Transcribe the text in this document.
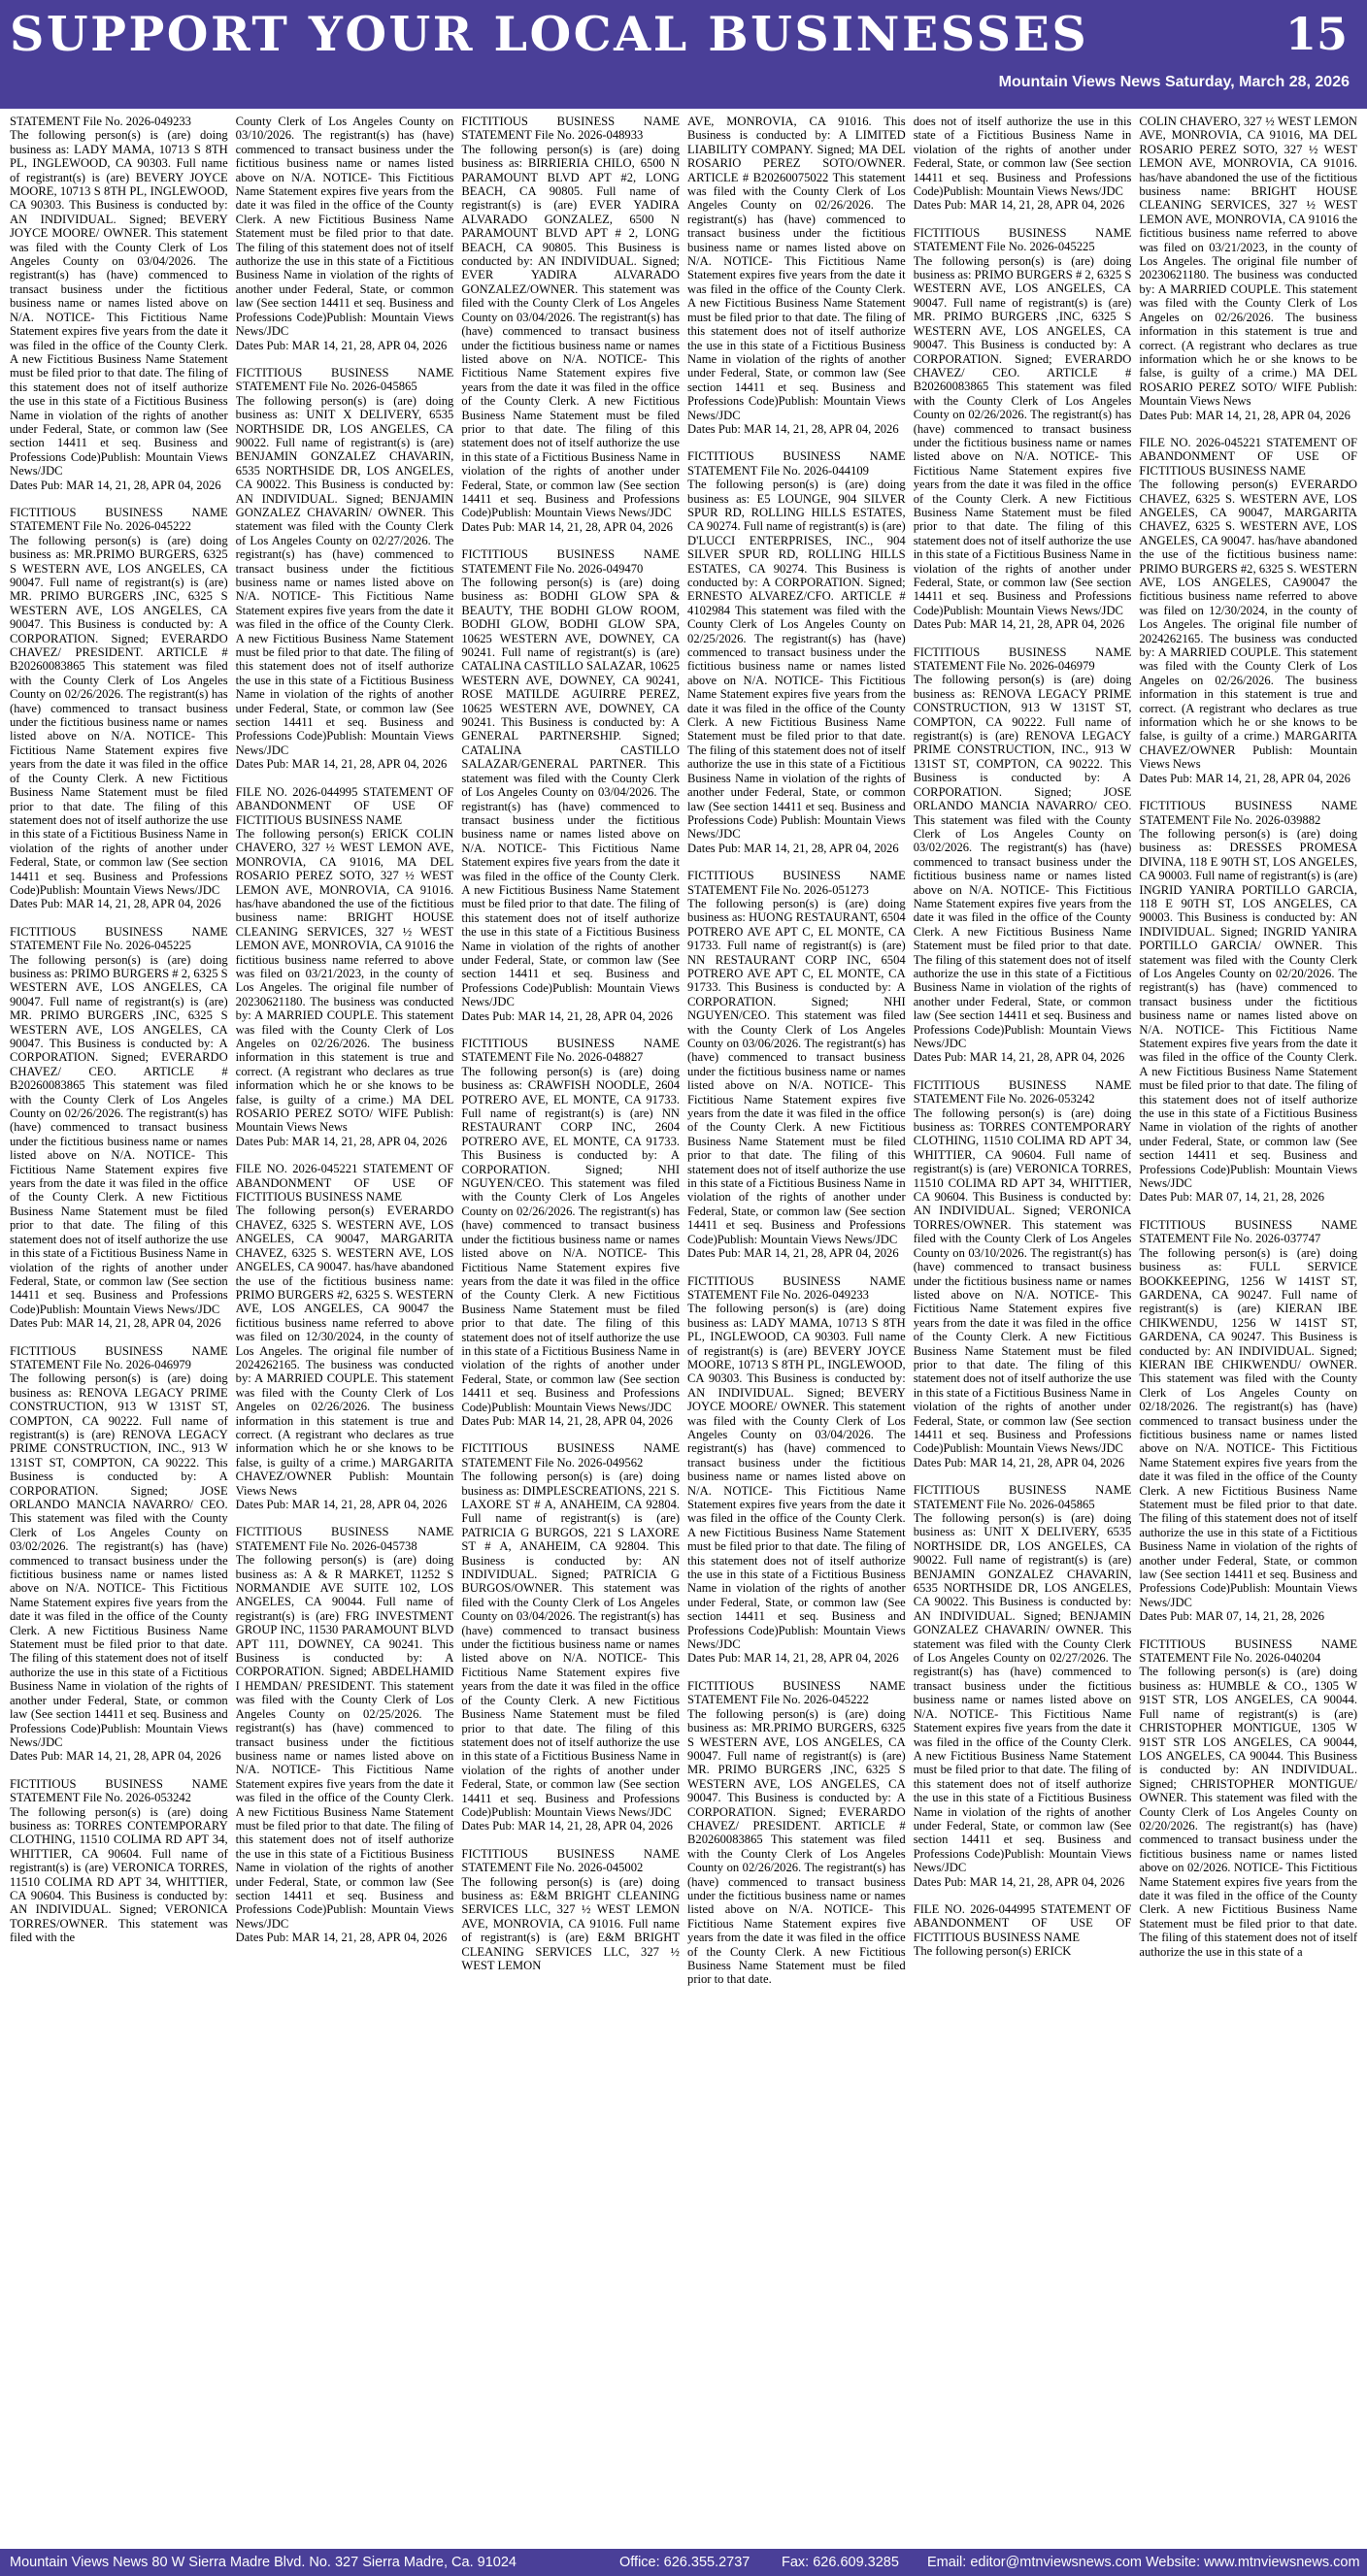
SUPPORT YOUR LOCAL BUSINESSES	15
Mountain Views News Saturday, March 28, 2026
STATEMENT File No. 2026-049233
The following person(s) is (are) doing business as: LADY MAMA, 10713 S 8TH PL, INGLEWOOD, CA 90303. Full name of registrant(s) is (are) BEVERY JOYCE MOORE, 10713 S 8TH PL, INGLEWOOD, CA 90303. This Business is conducted by: AN INDIVIDUAL. Signed; BEVERY JOYCE MOORE/ OWNER. This statement was filed with the County Clerk of Los Angeles County on 03/04/2026. The registrant(s) has (have) commenced to transact business under the fictitious business name or names listed above on N/A. NOTICE- This Fictitious Name Statement expires five years from the date it was filed in the office of the County Clerk. A new Fictitious Business Name Statement must be filed prior to that date. The filing of this statement does not of itself authorize the use in this state of a Fictitious Business Name in violation of the rights of another under Federal, State, or common law (See section 14411 et seq. Business and Professions Code)Publish: Mountain Views News/JDC
Dates Pub: MAR 14, 21, 28, APR 04, 2026
FICTITIOUS BUSINESS NAME STATEMENT File No. 2026-045222
The following person(s) is (are) doing business as: MR.PRIMO BURGERS, 6325 S WESTERN AVE, LOS ANGELES, CA 90047. Full name of registrant(s) is (are) MR. PRIMO BURGERS ,INC, 6325 S WESTERN AVE, LOS ANGELES, CA 90047. This Business is conducted by: A CORPORATION. Signed; EVERARDO CHAVEZ/ PRESIDENT. ARTICLE # B20260083865 This statement was filed with the County Clerk of Los Angeles County on 02/26/2026. The registrant(s) has (have) commenced to transact business under the fictitious business name or names listed above on N/A. NOTICE- This Fictitious Name Statement expires five years from the date it was filed in the office of the County Clerk. A new Fictitious Business Name Statement must be filed prior to that date. The filing of this statement does not of itself authorize the use in this state of a Fictitious Business Name in violation of the rights of another under Federal, State, or common law (See section 14411 et seq. Business and Professions Code)Publish: Mountain Views News/JDC
Dates Pub: MAR 14, 21, 28, APR 04, 2026
FICTITIOUS BUSINESS NAME STATEMENT File No. 2026-045225
The following person(s) is (are) doing business as: PRIMO BURGERS # 2, 6325 S WESTERN AVE, LOS ANGELES, CA 90047. Full name of registrant(s) is (are) MR. PRIMO BURGERS ,INC, 6325 S WESTERN AVE, LOS ANGELES, CA 90047. This Business is conducted by: A CORPORATION. Signed; EVERARDO CHAVEZ/ CEO. ARTICLE # B20260083865 This statement was filed with the County Clerk of Los Angeles County on 02/26/2026. The registrant(s) has (have) commenced to transact business under the fictitious business name or names listed above on N/A. NOTICE- This Fictitious Name Statement expires five years from the date it was filed in the office of the County Clerk. A new Fictitious Business Name Statement must be filed prior to that date. The filing of this statement does not of itself authorize the use in this state of a Fictitious Business Name in violation of the rights of another under Federal, State, or common law (See section 14411 et seq. Business and Professions Code)Publish: Mountain Views News/JDC
Dates Pub: MAR 14, 21, 28, APR 04, 2026
FICTITIOUS BUSINESS NAME STATEMENT File No. 2026-046979
The following person(s) is (are) doing business as: RENOVA LEGACY PRIME CONSTRUCTION, 913 W 131ST ST, COMPTON, CA 90222. Full name of registrant(s) is (are) RENOVA LEGACY PRIME CONSTRUCTION, INC., 913 W 131ST ST, COMPTON, CA 90222. This Business is conducted by: A CORPORATION. Signed; JOSE ORLANDO MANCIA NAVARRO/ CEO. This statement was filed with the County Clerk of Los Angeles County on 03/02/2026. The registrant(s) has (have) commenced to transact business under the fictitious business name or names listed above on N/A. NOTICE- This Fictitious Name Statement expires five years from the date it was filed in the office of the County Clerk. A new Fictitious Business Name Statement must be filed prior to that date. The filing of this statement does not of itself authorize the use in this state of a Fictitious Business Name in violation of the rights of another under Federal, State, or common law (See section 14411 et seq. Business and Professions Code)Publish: Mountain Views News/JDC
Dates Pub: MAR 14, 21, 28, APR 04, 2026
FICTITIOUS BUSINESS NAME STATEMENT File No. 2026-053242
The following person(s) is (are) doing business as: TORRES CONTEMPORARY CLOTHING, 11510 COLIMA RD APT 34, WHITTIER, CA 90604. Full name of registrant(s) is (are) VERONICA TORRES, 11510 COLIMA RD APT 34, WHITTIER, CA 90604. This Business is conducted by: AN INDIVIDUAL. Signed; VERONICA TORRES/OWNER. This statement was filed with the
County Clerk of Los Angeles County on 03/10/2026. The registrant(s) has (have) commenced to transact business under the fictitious business name or names listed above on N/A. NOTICE- This Fictitious Name Statement expires five years from the date it was filed in the office of the County Clerk. A new Fictitious Business Name Statement must be filed prior to that date. The filing of this statement does not of itself authorize the use in this state of a Fictitious Business Name in violation of the rights of another under Federal, State, or common law (See section 14411 et seq. Business and Professions Code)Publish: Mountain Views News/JDC
Dates Pub: MAR 14, 21, 28, APR 04, 2026
FICTITIOUS BUSINESS NAME STATEMENT File No. 2026-045865
The following person(s) is (are) doing business as: UNIT X DELIVERY, 6535 NORTHSIDE DR, LOS ANGELES, CA 90022. Full name of registrant(s) is (are) BENJAMIN GONZALEZ CHAVARIN, 6535 NORTHSIDE DR, LOS ANGELES, CA 90022. This Business is conducted by: AN INDIVIDUAL. Signed; BENJAMIN GONZALEZ CHAVARIN/ OWNER. This statement was filed with the County Clerk of Los Angeles County on 02/27/2026. The registrant(s) has (have) commenced to transact business under the fictitious business name or names listed above on N/A. NOTICE- This Fictitious Name Statement expires five years from the date it was filed in the office of the County Clerk. A new Fictitious Business Name Statement must be filed prior to that date. The filing of this statement does not of itself authorize the use in this state of a Fictitious Business Name in violation of the rights of another under Federal, State, or common law (See section 14411 et seq. Business and Professions Code)Publish: Mountain Views News/JDC
Dates Pub: MAR 14, 21, 28, APR 04, 2026
FILE NO. 2026-044995 STATEMENT OF ABANDONMENT OF USE OF FICTITIOUS BUSINESS NAME
The following person(s) ERICK COLIN CHAVERO, 327 ½ WEST LEMON AVE, MONROVIA, CA 91016, MA DEL ROSARIO PEREZ SOTO, 327 ½ WEST LEMON AVE, MONROVIA, CA 91016. has/have abandoned the use of the fictitious business name: BRIGHT HOUSE CLEANING SERVICES, 327 ½ WEST LEMON AVE, MONROVIA, CA 91016 the fictitious business name referred to above was filed on 03/21/2023, in the county of Los Angeles. The original file number of 20230621180. The business was conducted by: A MARRIED COUPLE. This statement was filed with the County Clerk of Los Angeles on 02/26/2026. The business information in this statement is true and correct. (A registrant who declares as true information which he or she knows to be false, is guilty of a crime.) MA DEL ROSARIO PEREZ SOTO/ WIFE Publish: Mountain Views News
Dates Pub: MAR 14, 21, 28, APR 04, 2026
FILE NO. 2026-045221 STATEMENT OF ABANDONMENT OF USE OF FICTITIOUS BUSINESS NAME
The following person(s) EVERARDO CHAVEZ, 6325 S. WESTERN AVE, LOS ANGELES, CA 90047, MARGARITA CHAVEZ, 6325 S. WESTERN AVE, LOS ANGELES, CA 90047. has/have abandoned the use of the fictitious business name: PRIMO BURGERS #2, 6325 S. WESTERN AVE, LOS ANGELES, CA 90047 the fictitious business name referred to above was filed on 12/30/2024, in the county of Los Angeles. The original file number of 2024262165. The business was conducted by: A MARRIED COUPLE. This statement was filed with the County Clerk of Los Angeles on 02/26/2026. The business information in this statement is true and correct. (A registrant who declares as true information which he or she knows to be false, is guilty of a crime.) MARGARITA CHAVEZ/OWNER Publish: Mountain Views News
Dates Pub: MAR 14, 21, 28, APR 04, 2026
FICTITIOUS BUSINESS NAME STATEMENT File No. 2026-045738
The following person(s) is (are) doing business as: A & R MARKET, 11252 S NORMANDIE AVE SUITE 102, LOS ANGELES, CA 90044. Full name of registrant(s) is (are) FRG INVESTMENT GROUP INC, 11530 PARAMOUNT BLVD APT 111, DOWNEY, CA 90241. This Business is conducted by: A CORPORATION. Signed; ABDELHAMID I HEMDAN/ PRESIDENT. This statement was filed with the County Clerk of Los Angeles County on 02/25/2026. The registrant(s) has (have) commenced to transact business under the fictitious business name or names listed above on N/A. NOTICE- This Fictitious Name Statement expires five years from the date it was filed in the office of the County Clerk. A new Fictitious Business Name Statement must be filed prior to that date. The filing of this statement does not of itself authorize the use in this state of a Fictitious Business Name in violation of the rights of another under Federal, State, or common law (See section 14411 et seq. Business and Professions Code)Publish: Mountain Views News/JDC
Dates Pub: MAR 14, 21, 28, APR 04, 2026
FICTITIOUS BUSINESS NAME STATEMENT File No. 2026-048933
The following person(s) is (are) doing business as: BIRRIERIA CHILO, 6500 N PARAMOUNT BLVD APT #2, LONG BEACH, CA 90805. Full name of registrant(s) is (are) EVER YADIRA ALVARADO GONZALEZ, 6500 N PARAMOUNT BLVD APT # 2, LONG BEACH, CA 90805. This Business is conducted by: AN INDIVIDUAL. Signed; EVER YADIRA ALVARADO GONZALEZ/OWNER. This statement was filed with the County Clerk of Los Angeles County on 03/04/2026. The registrant(s) has (have) commenced to transact business under the fictitious business name or names listed above on N/A. NOTICE- This Fictitious Name Statement expires five years from the date it was filed in the office of the County Clerk. A new Fictitious Business Name Statement must be filed prior to that date. The filing of this statement does not of itself authorize the use in this state of a Fictitious Business Name in violation of the rights of another under Federal, State, or common law (See section 14411 et seq. Business and Professions Code)Publish: Mountain Views News/JDC
Dates Pub: MAR 14, 21, 28, APR 04, 2026
FICTITIOUS BUSINESS NAME STATEMENT File No. 2026-049470
The following person(s) is (are) doing business as: BODHI GLOW SPA & BEAUTY, THE BODHI GLOW ROOM, BODHI GLOW, BODHI GLOW SPA, 10625 WESTERN AVE, DOWNEY, CA 90241. Full name of registrant(s) is (are) CATALINA CASTILLO SALAZAR, 10625 WESTERN AVE, DOWNEY, CA 90241, ROSE MATILDE AGUIRRE PEREZ, 10625 WESTERN AVE, DOWNEY, CA 90241. This Business is conducted by: A GENERAL PARTNERSHIP. Signed; CATALINA CASTILLO SALAZAR/GENERAL PARTNER. This statement was filed with the County Clerk of Los Angeles County on 03/04/2026. The registrant(s) has (have) commenced to transact business under the fictitious business name or names listed above on N/A. NOTICE- This Fictitious Name Statement expires five years from the date it was filed in the office of the County Clerk. A new Fictitious Business Name Statement must be filed prior to that date. The filing of this statement does not of itself authorize the use in this state of a Fictitious Business Name in violation of the rights of another under Federal, State, or common law (See section 14411 et seq. Business and Professions Code)Publish: Mountain Views News/JDC
Dates Pub: MAR 14, 21, 28, APR 04, 2026
FICTITIOUS BUSINESS NAME STATEMENT File No. 2026-048827
The following person(s) is (are) doing business as: CRAWFISH NOODLE, 2604 POTRERO AVE, EL MONTE, CA 91733. Full name of registrant(s) is (are) NN RESTAURANT CORP INC, 2604 POTRERO AVE, EL MONTE, CA 91733. This Business is conducted by: A CORPORATION. Signed; NHI NGUYEN/CEO. This statement was filed with the County Clerk of Los Angeles County on 02/26/2026. The registrant(s) has (have) commenced to transact business under the fictitious business name or names listed above on N/A. NOTICE- This Fictitious Name Statement expires five years from the date it was filed in the office of the County Clerk. A new Fictitious Business Name Statement must be filed prior to that date. The filing of this statement does not of itself authorize the use in this state of a Fictitious Business Name in violation of the rights of another under Federal, State, or common law (See section 14411 et seq. Business and Professions Code)Publish: Mountain Views News/JDC
Dates Pub: MAR 14, 21, 28, APR 04, 2026
FICTITIOUS BUSINESS NAME STATEMENT File No. 2026-049562
The following person(s) is (are) doing business as: DIMPLESCREATIONS, 221 S. LAXORE ST # A, ANAHEIM, CA 92804. Full name of registrant(s) is (are) PATRICIA G BURGOS, 221 S LAXORE ST # A, ANAHEIM, CA 92804. This Business is conducted by: AN INDIVIDUAL. Signed; PATRICIA G BURGOS/OWNER. This statement was filed with the County Clerk of Los Angeles County on 03/04/2026. The registrant(s) has (have) commenced to transact business under the fictitious business name or names listed above on N/A. NOTICE- This Fictitious Name Statement expires five years from the date it was filed in the office of the County Clerk. A new Fictitious Business Name Statement must be filed prior to that date. The filing of this statement does not of itself authorize the use in this state of a Fictitious Business Name in violation of the rights of another under Federal, State, or common law (See section 14411 et seq. Business and Professions Code)Publish: Mountain Views News/JDC
Dates Pub: MAR 14, 21, 28, APR 04, 2026
FICTITIOUS BUSINESS NAME STATEMENT File No. 2026-045002
The following person(s) is (are) doing business as: E&M BRIGHT CLEANING SERVICES LLC, 327 ½ WEST LEMON AVE, MONROVIA, CA 91016. Full name of registrant(s) is (are) E&M BRIGHT CLEANING SERVICES LLC, 327 ½ WEST LEMON
AVE, MONROVIA, CA 91016. This Business is conducted by: A LIMITED LIABILITY COMPANY. Signed; MA DEL ROSARIO PEREZ SOTO/OWNER. ARTICLE # B20260075022 This statement was filed with the County Clerk of Los Angeles County on 02/26/2026. The registrant(s) has (have) commenced to transact business under the fictitious business name or names listed above on N/A. NOTICE- This Fictitious Name Statement expires five years from the date it was filed in the office of the County Clerk. A new Fictitious Business Name Statement must be filed prior to that date. The filing of this statement does not of itself authorize the use in this state of a Fictitious Business Name in violation of the rights of another under Federal, State, or common law (See section 14411 et seq. Business and Professions Code)Publish: Mountain Views News/JDC
Dates Pub: MAR 14, 21, 28, APR 04, 2026
FICTITIOUS BUSINESS NAME STATEMENT File No. 2026-044109
The following person(s) is (are) doing business as: E5 LOUNGE, 904 SILVER SPUR RD, ROLLING HILLS ESTATES, CA 90274. Full name of registrant(s) is (are) D'LUCCI ENTERPRISES, INC., 904 SILVER SPUR RD, ROLLING HILLS ESTATES, CA 90274. This Business is conducted by: A CORPORATION. Signed; ERNESTO ALVAREZ/CFO. ARTICLE # 4102984 This statement was filed with the County Clerk of Los Angeles County on 02/25/2026. The registrant(s) has (have) commenced to transact business under the fictitious business name or names listed above on N/A. NOTICE- This Fictitious Name Statement expires five years from the date it was filed in the office of the County Clerk. A new Fictitious Business Name Statement must be filed prior to that date. The filing of this statement does not of itself authorize the use in this state of a Fictitious Business Name in violation of the rights of another under Federal, State, or common law (See section 14411 et seq. Business and Professions Code) Publish: Mountain Views News/JDC
Dates Pub: MAR 14, 21, 28, APR 04, 2026
FICTITIOUS BUSINESS NAME STATEMENT File No. 2026-051273
The following person(s) is (are) doing business as: HUONG RESTAURANT, 6504 POTRERO AVE APT C, EL MONTE, CA 91733. Full name of registrant(s) is (are) NN RESTAURANT CORP INC, 6504 POTRERO AVE APT C, EL MONTE, CA 91733. This Business is conducted by: A CORPORATION. Signed; NHI NGUYEN/CEO. This statement was filed with the County Clerk of Los Angeles County on 03/06/2026. The registrant(s) has (have) commenced to transact business under the fictitious business name or names listed above on N/A. NOTICE- This Fictitious Name Statement expires five years from the date it was filed in the office of the County Clerk. A new Fictitious Business Name Statement must be filed prior to that date. The filing of this statement does not of itself authorize the use in this state of a Fictitious Business Name in violation of the rights of another under Federal, State, or common law (See section 14411 et seq. Business and Professions Code)Publish: Mountain Views News/JDC
Dates Pub: MAR 14, 21, 28, APR 04, 2026
FICTITIOUS BUSINESS NAME STATEMENT File No. 2026-049233
The following person(s) is (are) doing business as: LADY MAMA, 10713 S 8TH PL, INGLEWOOD, CA 90303. Full name of registrant(s) is (are) BEVERY JOYCE MOORE, 10713 S 8TH PL, INGLEWOOD, CA 90303. This Business is conducted by: AN INDIVIDUAL. Signed; BEVERY JOYCE MOORE/ OWNER. This statement was filed with the County Clerk of Los Angeles County on 03/04/2026. The registrant(s) has (have) commenced to transact business under the fictitious business name or names listed above on N/A. NOTICE- This Fictitious Name Statement expires five years from the date it was filed in the office of the County Clerk. A new Fictitious Business Name Statement must be filed prior to that date. The filing of this statement does not of itself authorize the use in this state of a Fictitious Business Name in violation of the rights of another under Federal, State, or common law (See section 14411 et seq. Business and Professions Code)Publish: Mountain Views News/JDC
Dates Pub: MAR 14, 21, 28, APR 04, 2026
FICTITIOUS BUSINESS NAME STATEMENT File No. 2026-045222
The following person(s) is (are) doing business as: MR.PRIMO BURGERS, 6325 S WESTERN AVE, LOS ANGELES, CA 90047. Full name of registrant(s) is (are) MR. PRIMO BURGERS ,INC, 6325 S WESTERN AVE, LOS ANGELES, CA 90047. This Business is conducted by: A CORPORATION. Signed; EVERARDO CHAVEZ/ PRESIDENT. ARTICLE # B20260083865 This statement was filed with the County Clerk of Los Angeles County on 02/26/2026. The registrant(s) has (have) commenced to transact business under the fictitious business name or names listed above on N/A. NOTICE- This Fictitious Name Statement expires five years from the date it was filed in the office of the County Clerk. A new Fictitious Business Name Statement must be filed prior to that date.
does not of itself authorize the use in this state of a Fictitious Business Name in violation of the rights of another under Federal, State, or common law (See section 14411 et seq. Business and Professions Code)Publish: Mountain Views News/JDC
Dates Pub: MAR 14, 21, 28, APR 04, 2026
FICTITIOUS BUSINESS NAME STATEMENT File No. 2026-045225
The following person(s) is (are) doing business as: PRIMO BURGERS # 2, 6325 S WESTERN AVE, LOS ANGELES, CA 90047. Full name of registrant(s) is (are) MR. PRIMO BURGERS ,INC, 6325 S WESTERN AVE, LOS ANGELES, CA 90047. This Business is conducted by: A CORPORATION. Signed; EVERARDO CHAVEZ/ CEO. ARTICLE # B20260083865 This statement was filed with the County Clerk of Los Angeles County on 02/26/2026. The registrant(s) has (have) commenced to transact business under the fictitious business name or names listed above on N/A. NOTICE- This Fictitious Name Statement expires five years from the date it was filed in the office of the County Clerk. A new Fictitious Business Name Statement must be filed prior to that date. The filing of this statement does not of itself authorize the use in this state of a Fictitious Business Name in violation of the rights of another under Federal, State, or common law (See section 14411 et seq. Business and Professions Code)Publish: Mountain Views News/JDC
Dates Pub: MAR 14, 21, 28, APR 04, 2026
FICTITIOUS BUSINESS NAME STATEMENT File No. 2026-046979
The following person(s) is (are) doing business as: RENOVA LEGACY PRIME CONSTRUCTION, 913 W 131ST ST, COMPTON, CA 90222. Full name of registrant(s) is (are) RENOVA LEGACY PRIME CONSTRUCTION, INC., 913 W 131ST ST, COMPTON, CA 90222. This Business is conducted by: A CORPORATION. Signed; JOSE ORLANDO MANCIA NAVARRO/ CEO. This statement was filed with the County Clerk of Los Angeles County on 03/02/2026. The registrant(s) has (have) commenced to transact business under the fictitious business name or names listed above on N/A. NOTICE- This Fictitious Name Statement expires five years from the date it was filed in the office of the County Clerk. A new Fictitious Business Name Statement must be filed prior to that date. The filing of this statement does not of itself authorize the use in this state of a Fictitious Business Name in violation of the rights of another under Federal, State, or common law (See section 14411 et seq. Business and Professions Code)Publish: Mountain Views News/JDC
Dates Pub: MAR 14, 21, 28, APR 04, 2026
FICTITIOUS BUSINESS NAME STATEMENT File No. 2026-053242
The following person(s) is (are) doing business as: TORRES CONTEMPORARY CLOTHING, 11510 COLIMA RD APT 34, WHITTIER, CA 90604. Full name of registrant(s) is (are) VERONICA TORRES, 11510 COLIMA RD APT 34, WHITTIER, CA 90604. This Business is conducted by: AN INDIVIDUAL. Signed; VERONICA TORRES/OWNER. This statement was filed with the County Clerk of Los Angeles County on 03/10/2026. The registrant(s) has (have) commenced to transact business under the fictitious business name or names listed above on N/A. NOTICE- This Fictitious Name Statement expires five years from the date it was filed in the office of the County Clerk. A new Fictitious Business Name Statement must be filed prior to that date. The filing of this statement does not of itself authorize the use in this state of a Fictitious Business Name in violation of the rights of another under Federal, State, or common law (See section 14411 et seq. Business and Professions Code)Publish: Mountain Views News/JDC
Dates Pub: MAR 14, 21, 28, APR 04, 2026
FICTITIOUS BUSINESS NAME STATEMENT File No. 2026-045865
The following person(s) is (are) doing business as: UNIT X DELIVERY, 6535 NORTHSIDE DR, LOS ANGELES, CA 90022. Full name of registrant(s) is (are) BENJAMIN GONZALEZ CHAVARIN, 6535 NORTHSIDE DR, LOS ANGELES, CA 90022. This Business is conducted by: AN INDIVIDUAL. Signed; BENJAMIN GONZALEZ CHAVARIN/ OWNER. This statement was filed with the County Clerk of Los Angeles County on 02/27/2026. The registrant(s) has (have) commenced to transact business under the fictitious business name or names listed above on N/A. NOTICE- This Fictitious Name Statement expires five years from the date it was filed in the office of the County Clerk. A new Fictitious Business Name Statement must be filed prior to that date. The filing of this statement does not of itself authorize the use in this state of a Fictitious Business Name in violation of the rights of another under Federal, State, or common law (See section 14411 et seq. Business and Professions Code)Publish: Mountain Views News/JDC
Dates Pub: MAR 14, 21, 28, APR 04, 2026
FILE NO. 2026-044995 STATEMENT OF ABANDONMENT OF USE OF FICTITIOUS BUSINESS NAME
The following person(s) ERICK
COLIN CHAVERO, 327 ½ WEST LEMON AVE, MONROVIA, CA 91016, MA DEL ROSARIO PEREZ SOTO, 327 ½ WEST LEMON AVE, MONROVIA, CA 91016. has/have abandoned the use of the fictitious business name: BRIGHT HOUSE CLEANING SERVICES, 327 ½ WEST LEMON AVE, MONROVIA, CA 91016 the fictitious business name referred to above was filed on 03/21/2023, in the county of Los Angeles. The original file number of 20230621180. The business was conducted by: A MARRIED COUPLE. This statement was filed with the County Clerk of Los Angeles on 02/26/2026. The business information in this statement is true and correct. (A registrant who declares as true information which he or she knows to be false, is guilty of a crime.) MA DEL ROSARIO PEREZ SOTO/ WIFE Publish: Mountain Views News
Dates Pub: MAR 14, 21, 28, APR 04, 2026
FILE NO. 2026-045221 STATEMENT OF ABANDONMENT OF USE OF FICTITIOUS BUSINESS NAME
The following person(s) EVERARDO CHAVEZ, 6325 S. WESTERN AVE, LOS ANGELES, CA 90047, MARGARITA CHAVEZ, 6325 S. WESTERN AVE, LOS ANGELES, CA 90047. has/have abandoned the use of the fictitious business name: PRIMO BURGERS #2, 6325 S. WESTERN AVE, LOS ANGELES, CA90047 the fictitious business name referred to above was filed on 12/30/2024, in the county of Los Angeles. The original file number of 2024262165. The business was conducted by: A MARRIED COUPLE. This statement was filed with the County Clerk of Los Angeles on 02/26/2026. The business information in this statement is true and correct. (A registrant who declares as true information which he or she knows to be false, is guilty of a crime.) MARGARITA CHAVEZ/OWNER Publish: Mountain Views News
Dates Pub: MAR 14, 21, 28, APR 04, 2026
FICTITIOUS BUSINESS NAME STATEMENT File No. 2026-039882
The following person(s) is (are) doing business as: DRESSES PROMESA DIVINA, 118 E 90TH ST, LOS ANGELES, CA 90003. Full name of registrant(s) is (are) INGRID YANIRA PORTILLO GARCIA, 118 E 90TH ST, LOS ANGELES, CA 90003. This Business is conducted by: AN INDIVIDUAL. Signed; INGRID YANIRA PORTILLO GARCIA/ OWNER. This statement was filed with the County Clerk of Los Angeles County on 02/20/2026. The registrant(s) has (have) commenced to transact business under the fictitious business name or names listed above on N/A. NOTICE- This Fictitious Name Statement expires five years from the date it was filed in the office of the County Clerk. A new Fictitious Business Name Statement must be filed prior to that date. The filing of this statement does not of itself authorize the use in this state of a Fictitious Business Name in violation of the rights of another under Federal, State, or common law (See section 14411 et seq. Business and Professions Code)Publish: Mountain Views News/JDC
Dates Pub: MAR 07, 14, 21, 28, 2026
FICTITIOUS BUSINESS NAME STATEMENT File No. 2026-037747
The following person(s) is (are) doing business as: FULL SERVICE BOOKKEEPING, 1256 W 141ST ST, GARDENA, CA 90247. Full name of registrant(s) is (are) KIERAN IBE CHIKWENDU, 1256 W 141ST ST, GARDENA, CA 90247. This Business is conducted by: AN INDIVIDUAL. Signed; KIERAN IBE CHIKWENDU/ OWNER. This statement was filed with the County Clerk of Los Angeles County on 02/18/2026. The registrant(s) has (have) commenced to transact business under the fictitious business name or names listed above on N/A. NOTICE- This Fictitious Name Statement expires five years from the date it was filed in the office of the County Clerk. A new Fictitious Business Name Statement must be filed prior to that date. The filing of this statement does not of itself authorize the use in this state of a Fictitious Business Name in violation of the rights of another under Federal, State, or common law (See section 14411 et seq. Business and Professions Code)Publish: Mountain Views News/JDC
Dates Pub: MAR 07, 14, 21, 28, 2026
FICTITIOUS BUSINESS NAME STATEMENT File No. 2026-040204
The following person(s) is (are) doing business as: HUMBLE & CO., 1305 W 91ST STR, LOS ANGELES, CA 90044. Full name of registrant(s) is (are) CHRISTOPHER MONTIGUE, 1305 W 91ST STR LOS ANGELES, CA 90044, LOS ANGELES, CA 90044. This Business is conducted by: AN INDIVIDUAL. Signed; CHRISTOPHER MONTIGUE/ OWNER. This statement was filed with the County Clerk of Los Angeles County on 02/20/2026. The registrant(s) has (have) commenced to transact business under the fictitious business name or names listed above on 02/2026. NOTICE- This Fictitious Name Statement expires five years from the date it was filed in the office of the County Clerk. A new Fictitious Business Name Statement must be filed prior to that date. The filing of this statement does not of itself authorize the use in this state of a
Mountain Views News 80 W Sierra Madre Blvd. No. 327 Sierra Madre, Ca. 91024	Office: 626.355.2737 Fax: 626.609.3285 Email: editor@mtnviewsnews.com Website: www.mtnviewsnews.com
